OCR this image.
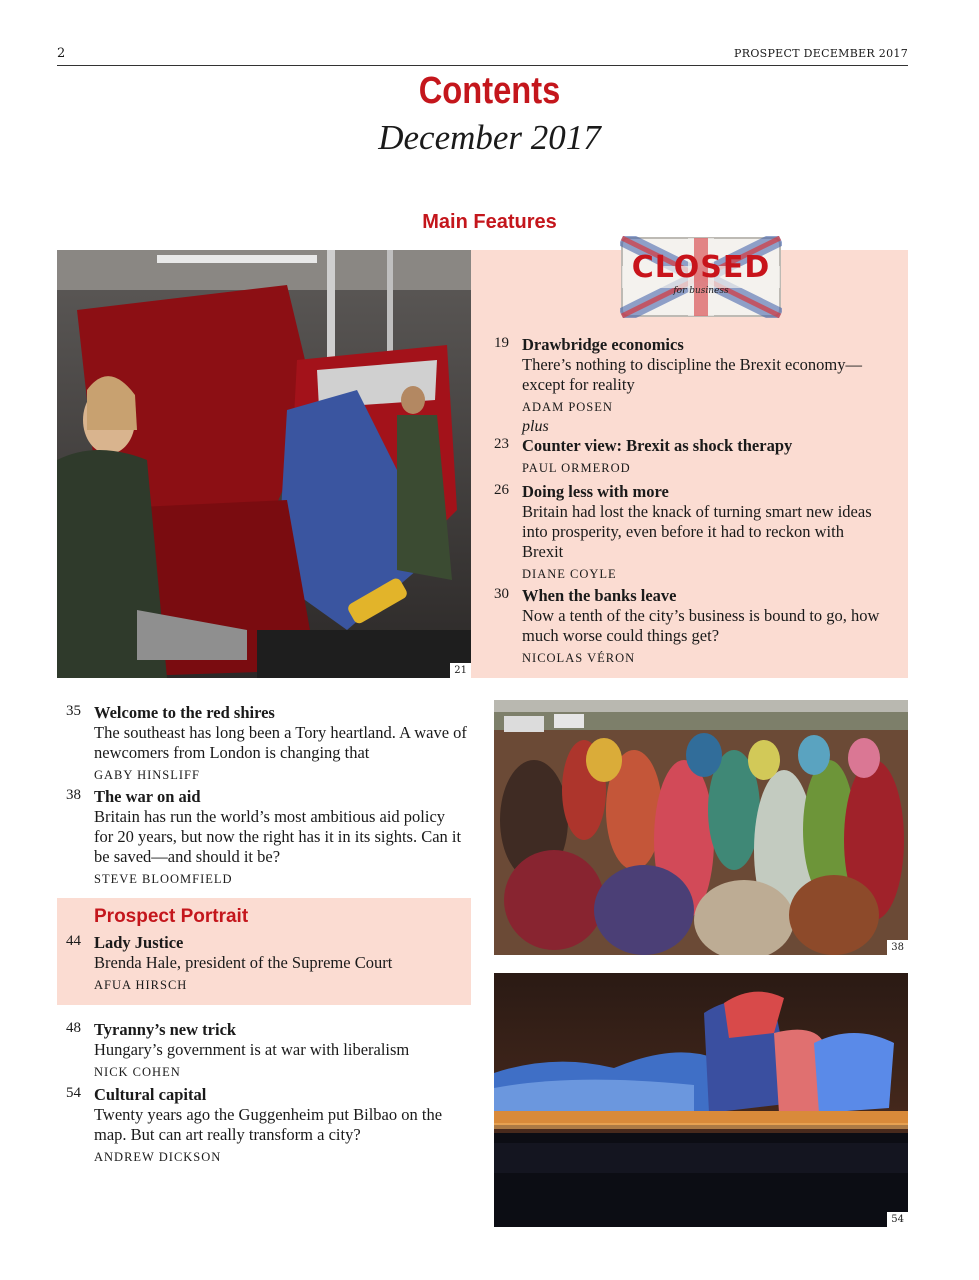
2	PROSPECT DECEMBER 2017
Contents
December 2017
Main Features
21
CLOSED
for business
19 Drawbridge economics
There’s nothing to discipline the Brexit economy—except for reality
ADAM POSEN
plus
23 Counter view: Brexit as shock therapy
PAUL ORMEROD
26 Doing less with more
Britain had lost the knack of turning smart new ideas into prosperity, even before it had to reckon with Brexit
DIANE COYLE
30 When the banks leave
Now a tenth of the city’s business is bound to go, how much worse could things get?
NICOLAS VÉRON
35 Welcome to the red shires
The southeast has long been a Tory heartland. A wave of newcomers from London is changing that
GABY HINSLIFF
38 The war on aid
Britain has run the world’s most ambitious aid policy for 20 years, but now the right has it in its sights. Can it be saved—and should it be?
STEVE BLOOMFIELD
Prospect Portrait
44 Lady Justice
Brenda Hale, president of the Supreme Court
AFUA HIRSCH
48 Tyranny’s new trick
Hungary’s government is at war with liberalism
NICK COHEN
54 Cultural capital
Twenty years ago the Guggenheim put Bilbao on the map. But can art really transform a city?
ANDREW DICKSON
38
54
